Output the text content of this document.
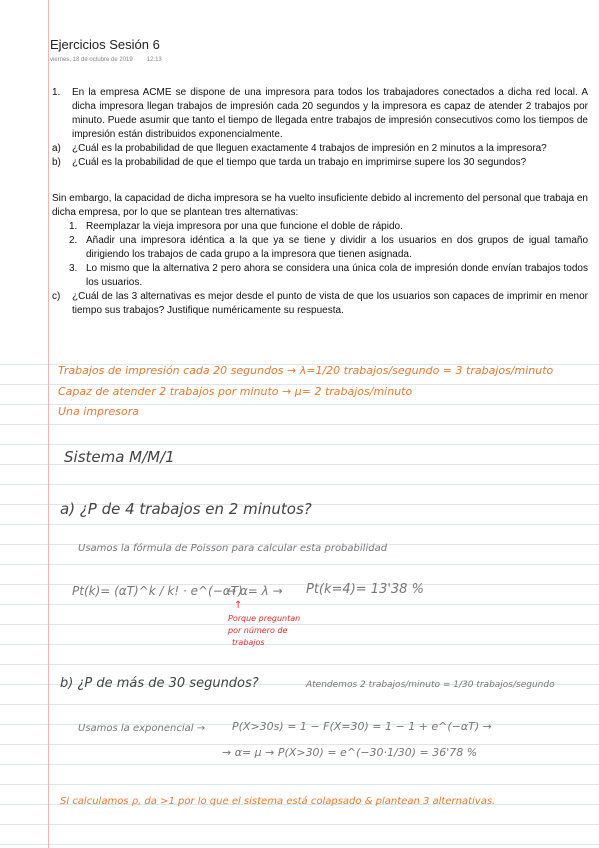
Ejercicios Sesión 6
viernes, 18 de octubre de 2019 12:13
1.	En la empresa ACME se dispone de una impresora para todos los trabajadores conectados a dicha red local. A dicha impresora llegan trabajos de impresión cada 20 segundos y la impresora es capaz de atender 2 trabajos por minuto. Puede asumir que tanto el tiempo de llegada entre trabajos de impresión consecutivos como los tiempos de impresión están distribuidos exponencialmente.
a)	¿Cuál es la probabilidad de que lleguen exactamente 4 trabajos de impresión en 2 minutos a la impresora?
b)	¿Cuál es la probabilidad de que el tiempo que tarda un trabajo en imprimirse supere los 30 segundos?
Sin embargo, la capacidad de dicha impresora se ha vuelto insuficiente debido al incremento del personal que trabaja en dicha empresa, por lo que se plantean tres alternativas:
1. Reemplazar la vieja impresora por una que funcione el doble de rápido.
2. Añadir una impresora idéntica a la que ya se tiene y dividir a los usuarios en dos grupos de igual tamaño dirigiendo los trabajos de cada grupo a la impresora que tienen asignada.
3. Lo mismo que la alternativa 2 pero ahora se considera una única cola de impresión donde envían trabajos todos los usuarios.
c)	¿Cuál de las 3 alternativas es mejor desde el punto de vista de que los usuarios son capaces de imprimir en menor tiempo sus trabajos? Justifique numéricamente su respuesta.
Trabajos de impresión cada 20 segundos → λ=1/20 trabajos/segundo = 3 trabajos/minuto
Capaz de atender 2 trabajos por minuto → μ= 2 trabajos/minuto
Una impresora
Sistema M/M/1
a) ¿P de 4 trabajos en 2 minutos?
Usamos la fórmula de Poisson para calcular esta probabilidad
Pt(k)= (αT)^k / k! · e^(−αT)
→ α= λ → Pt(k=4)= 13'38 %
↑
Porque preguntan
por número de
trabajos
b) ¿P de más de 30 segundos?	Atendemos 2 trabajos/minuto = 1/30 trabajos/segundo
Usamos la exponencial → P(X>30s) = 1 − F(X=30) = 1 − 1 + e^(−αT) →
→ α= μ → P(X>30) = e^(−30·1/30) = 36'78 %
Si calculamos ρ, da >1 por lo que el sistema está colapsado & plantean 3 alternativas.
